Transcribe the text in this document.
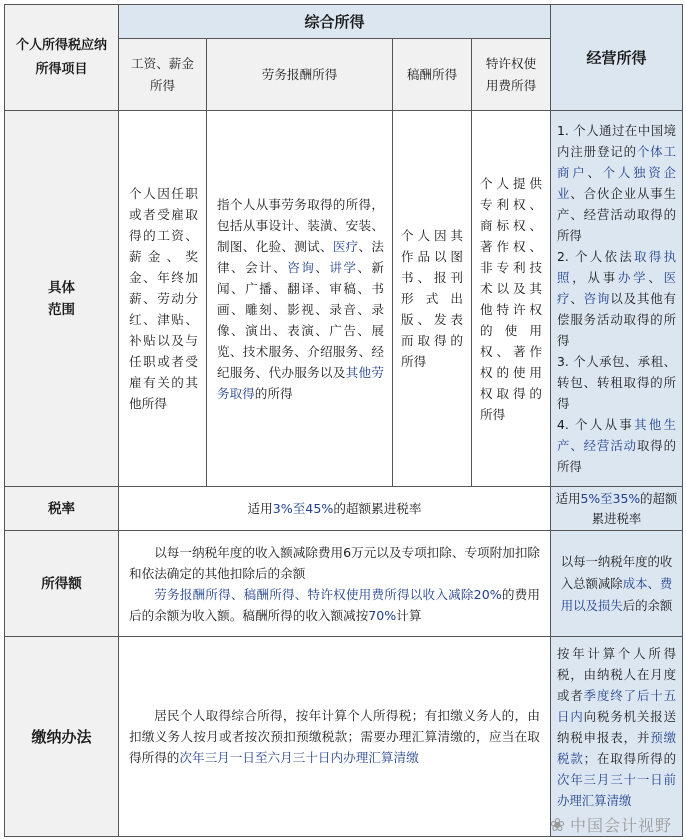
个人所得税应纳所得项目	综合所得				经营所得

	工资、薪金所得	劳务报酬所得	稿酬所得	特许权使用费所得	

具体范围	个人因任职或者受雇取得的工资、薪金、奖金、年终加薪、劳动分红、津贴、补贴以及与任职或者受雇有关的其他所得	指个人从事劳务取得的所得，包括从事设计、装潢、安装、制图、化验、测试、医疗、法律、会计、咨询、讲学、新闻、广播、翻译、审稿、书画、雕刻、影视、录音、录像、演出、表演、广告、展览、技术服务、介绍服务、经纪服务、代办服务以及其他劳务取得的所得	个人因其作品以图书、报刊形式出版、发表而取得的所得	个人提供专利权、商标权、著作权、非专利技术以及其他特许权的使用权、著作权的使用权取得的所得	1. 个人通过在中国境内注册登记的个体工商户、个人独资企业、合伙企业从事生产、经营活动取得的所得
2. 个人依法取得执照，从事办学、医疗、咨询以及其他有偿服务活动取得的所得
3. 个人承包、承租、转包、转租取得的所得
4. 个人从事其他生产、经营活动取得的所得

税率	适用3%至45%的超额累进税率				适用5%至35%的超额累进税率

所得额	以每一纳税年度的收入额减除费用6万元以及专项扣除、专项附加扣除和依法确定的其他扣除后的余额
劳务报酬所得、稿酬所得、特许权使用费所得以收入减除20%的费用后的余额为收入额。稿酬所得的收入额减按70%计算				以每一纳税年度的收入总额减除成本、费用以及损失后的余额

缴纳办法	居民个人取得综合所得，按年计算个人所得税；有扣缴义务人的，由扣缴义务人按月或者按次预扣预缴税款；需要办理汇算清缴的，应当在取得所得的次年三月一日至六月三十日内办理汇算清缴				按年计算个人所得税，由纳税人在月度或者季度终了后十五日内向税务机关报送纳税申报表，并预缴税款；在取得所得的次年三月三十一日前办理汇算清缴
❀ 中国会计视野
